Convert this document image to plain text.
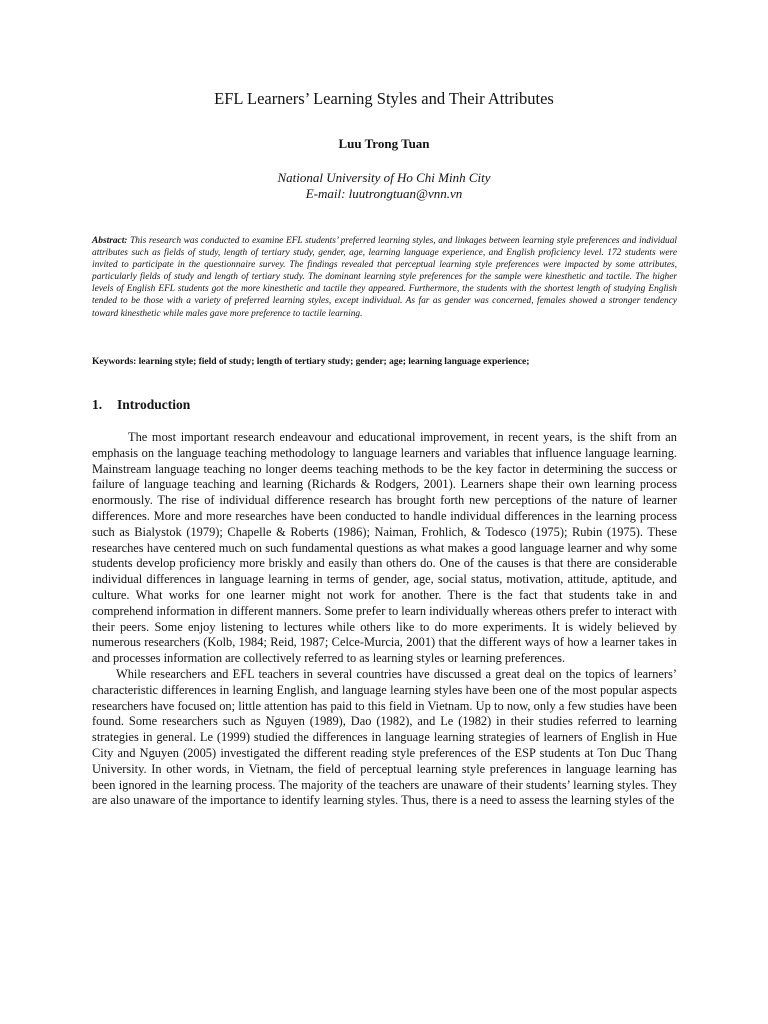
EFL Learners’ Learning Styles and Their Attributes
Luu Trong Tuan
National University of Ho Chi Minh City
E-mail: luutrongtuan@vnn.vn
Abstract: This research was conducted to examine EFL students’ preferred learning styles, and linkages between learning style preferences and individual attributes such as fields of study, length of tertiary study, gender, age, learning language experience, and English proficiency level. 172 students were invited to participate in the questionnaire survey. The findings revealed that perceptual learning style preferences were impacted by some attributes, particularly fields of study and length of tertiary study. The dominant learning style preferences for the sample were kinesthetic and tactile. The higher levels of English EFL students got the more kinesthetic and tactile they appeared. Furthermore, the students with the shortest length of studying English tended to be those with a variety of preferred learning styles, except individual. As far as gender was concerned, females showed a stronger tendency toward kinesthetic while males gave more preference to tactile learning.
Keywords: learning style; field of study; length of tertiary study; gender; age; learning language experience;
1. Introduction

The most important research endeavour and educational improvement, in recent years, is the shift from an emphasis on the language teaching methodology to language learners and variables that influence language learning. Mainstream language teaching no longer deems teaching methods to be the key factor in determining the success or failure of language teaching and learning (Richards & Rodgers, 2001). Learners shape their own learning process enormously. The rise of individual difference research has brought forth new perceptions of the nature of learner differences. More and more researches have been conducted to handle individual differences in the learning process such as Bialystok (1979); Chapelle & Roberts (1986); Naiman, Frohlich, & Todesco (1975); Rubin (1975). These researches have centered much on such fundamental questions as what makes a good language learner and why some students develop proficiency more briskly and easily than others do. One of the causes is that there are considerable individual differences in language learning in terms of gender, age, social status, motivation, attitude, aptitude, and culture. What works for one learner might not work for another. There is the fact that students take in and comprehend information in different manners. Some prefer to learn individually whereas others prefer to interact with their peers. Some enjoy listening to lectures while others like to do more experiments. It is widely believed by numerous researchers (Kolb, 1984; Reid, 1987; Celce-Murcia, 2001) that the different ways of how a learner takes in and processes information are collectively referred to as learning styles or learning preferences.

While researchers and EFL teachers in several countries have discussed a great deal on the topics of learners’ characteristic differences in learning English, and language learning styles have been one of the most popular aspects researchers have focused on; little attention has paid to this field in Vietnam. Up to now, only a few studies have been found. Some researchers such as Nguyen (1989), Dao (1982), and Le (1982) in their studies referred to learning strategies in general. Le (1999) studied the differences in language learning strategies of learners of English in Hue City and Nguyen (2005) investigated the different reading style preferences of the ESP students at Ton Duc Thang University. In other words, in Vietnam, the field of perceptual learning style preferences in language learning has been ignored in the learning process. The majority of the teachers are unaware of their students’ learning styles. They are also unaware of the importance to identify learning styles. Thus, there is a need to assess the learning styles of the
